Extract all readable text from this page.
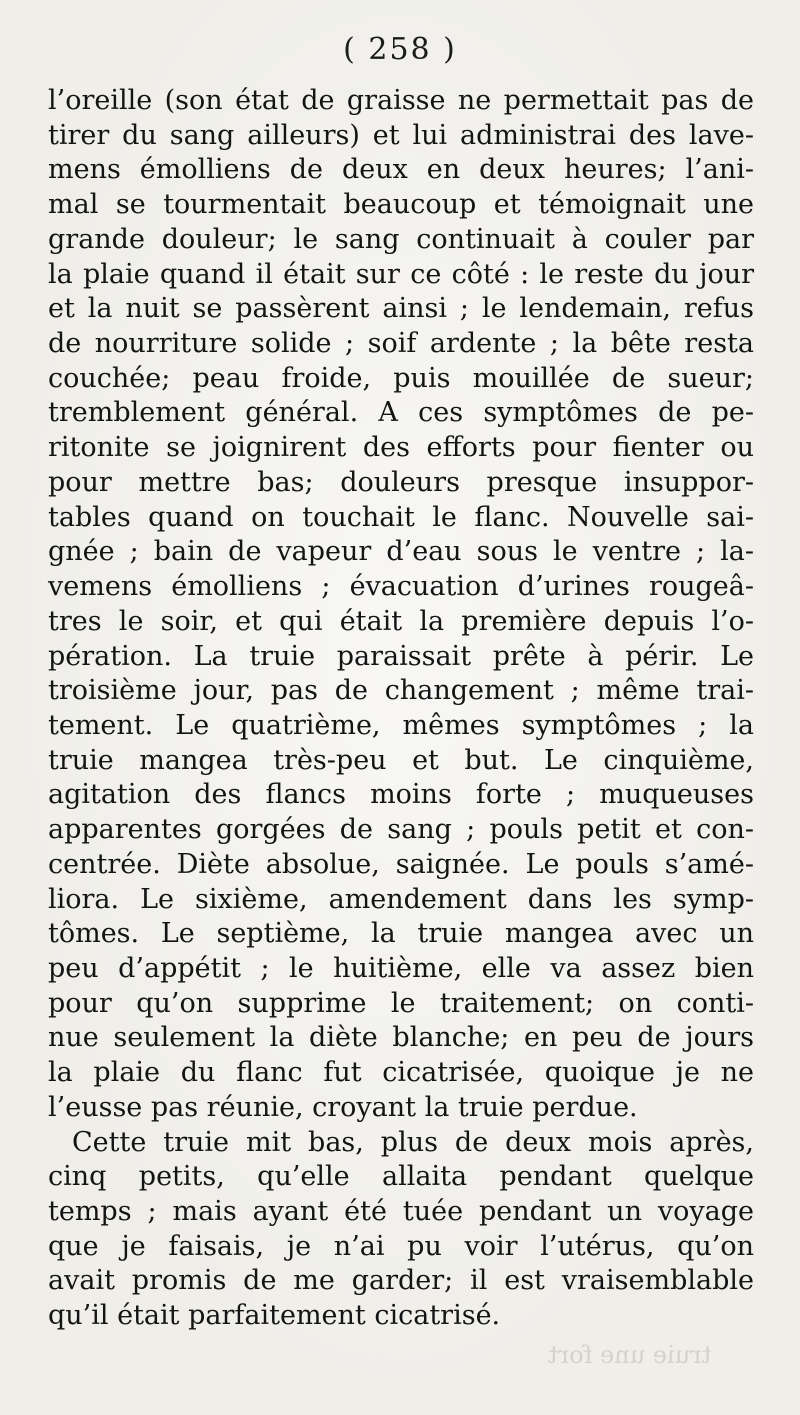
( 258 )
l’oreille (son état de graisse ne permettait pas de
tirer du sang ailleurs) et lui administrai des lave-
mens émolliens de deux en deux heures; l’ani-
mal se tourmentait beaucoup et témoignait une
grande douleur; le sang continuait à couler par
la plaie quand il était sur ce côté : le reste du jour
et la nuit se passèrent ainsi ; le lendemain, refus
de nourriture solide ; soif ardente ; la bête resta
couchée; peau froide, puis mouillée de sueur;
tremblement général. A ces symptômes de pe-
ritonite se joignirent des efforts pour fienter ou
pour mettre bas; douleurs presque insuppor-
tables quand on touchait le flanc. Nouvelle sai-
gnée ; bain de vapeur d’eau sous le ventre ; la-
vemens émolliens ; évacuation d’urines rougeâ-
tres le soir, et qui était la première depuis l’o-
pération. La truie paraissait prête à périr. Le
troisième jour, pas de changement ; même trai-
tement. Le quatrième, mêmes symptômes ; la
truie mangea très-peu et but. Le cinquième,
agitation des flancs moins forte ; muqueuses
apparentes gorgées de sang ; pouls petit et con-
centrée. Diète absolue, saignée. Le pouls s’amé-
liora. Le sixième, amendement dans les symp-
tômes. Le septième, la truie mangea avec un
peu d’appétit ; le huitième, elle va assez bien
pour qu’on supprime le traitement; on conti-
nue seulement la diète blanche; en peu de jours
la plaie du flanc fut cicatrisée, quoique je ne
l’eusse pas réunie, croyant la truie perdue.
Cette truie mit bas, plus de deux mois après,
cinq petits, qu’elle allaita pendant quelque
temps ; mais ayant été tuée pendant un voyage
que je faisais, je n’ai pu voir l’utérus, qu’on
avait promis de me garder; il est vraisemblable
qu’il était parfaitement cicatrisé.
truie une fort
